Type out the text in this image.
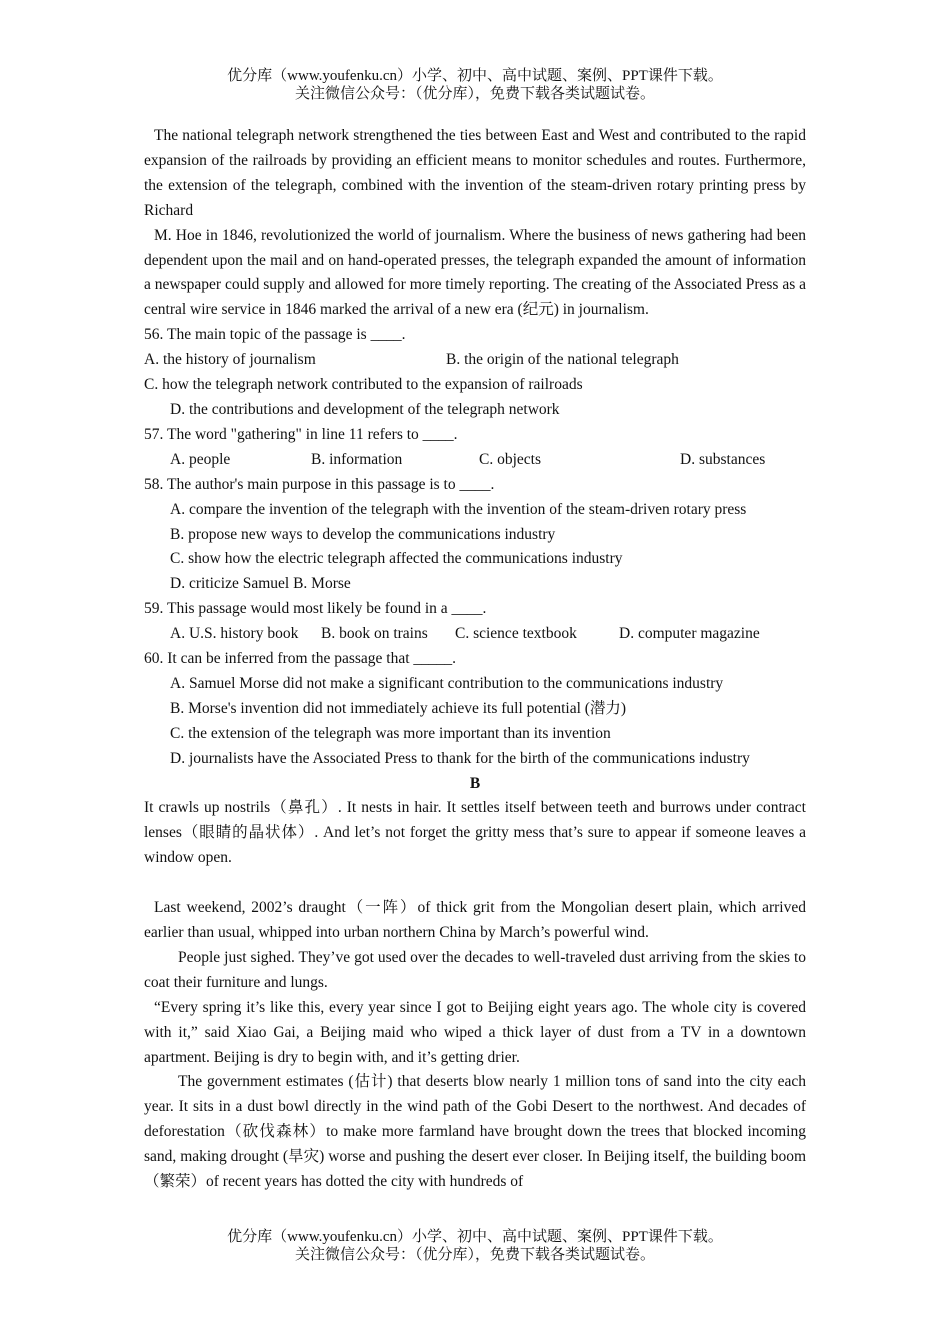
优分库（www.youfenku.cn）小学、初中、高中试题、案例、PPT课件下载。
关注微信公众号：（优分库），免费下载各类试题试卷。

The national telegraph network strengthened the ties between East and West and contributed to the rapid expansion of the railroads by providing an efficient means to monitor schedules and routes. Furthermore, the extension of the telegraph, combined with the invention of the steam-driven rotary printing press by Richard

M. Hoe in 1846, revolutionized the world of journalism. Where the business of news gathering had been dependent upon the mail and on hand-operated presses, the telegraph expanded the amount of information a newspaper could supply and allowed for more timely reporting. The creating of the Associated Press as a central wire service in 1846 marked the arrival of a new era (纪元) in journalism.

56. The main topic of the passage is ____.

A. the history of journalism	B. the origin of the national telegraph

C. how the telegraph network contributed to the expansion of railroads

D. the contributions and development of the telegraph network

57. The word "gathering" in line 11 refers to ____.

A. people	B. information	C. objects	D. substances

58. The author's main purpose in this passage is to ____.

A. compare the invention of the telegraph with the invention of the steam-driven rotary press

B. propose new ways to develop the communications industry

C. show how the electric telegraph affected the communications industry

D. criticize Samuel B. Morse

59. This passage would most likely be found in a ____.

A. U.S. history book	B. book on trains	C. science textbook	D. computer magazine

60. It can be inferred from the passage that _____.

A. Samuel Morse did not make a significant contribution to the communications industry

B. Morse's invention did not immediately achieve its full potential (潜力)

C. the extension of the telegraph was more important than its invention

D. journalists have the Associated Press to thank for the birth of the communications industry

B

It crawls up nostrils（鼻孔）. It nests in hair. It settles itself between teeth and burrows under contract lenses（眼睛的晶状体）. And let’s not forget the gritty mess that’s sure to appear if someone leaves a window open.

Last weekend, 2002’s draught（一阵）of thick grit from the Mongolian desert plain, which arrived earlier than usual, whipped into urban northern China by March’s powerful wind.

People just sighed. They’ve got used over the decades to well-traveled dust arriving from the skies to coat their furniture and lungs.

“Every spring it’s like this, every year since I got to Beijing eight years ago. The whole city is covered with it,” said Xiao Gai, a Beijing maid who wiped a thick layer of dust from a TV in a downtown apartment. Beijing is dry to begin with, and it’s getting drier.

The government estimates (估计) that deserts blow nearly 1 million tons of sand into the city each year. It sits in a dust bowl directly in the wind path of the Gobi Desert to the northwest. And decades of deforestation（砍伐森林）to make more farmland have brought down the trees that blocked incoming sand, making drought (旱灾) worse and pushing the desert ever closer. In Beijing itself, the building boom（繁荣）of recent years has dotted the city with hundreds of

优分库（www.youfenku.cn）小学、初中、高中试题、案例、PPT课件下载。
关注微信公众号：（优分库），免费下载各类试题试卷。
